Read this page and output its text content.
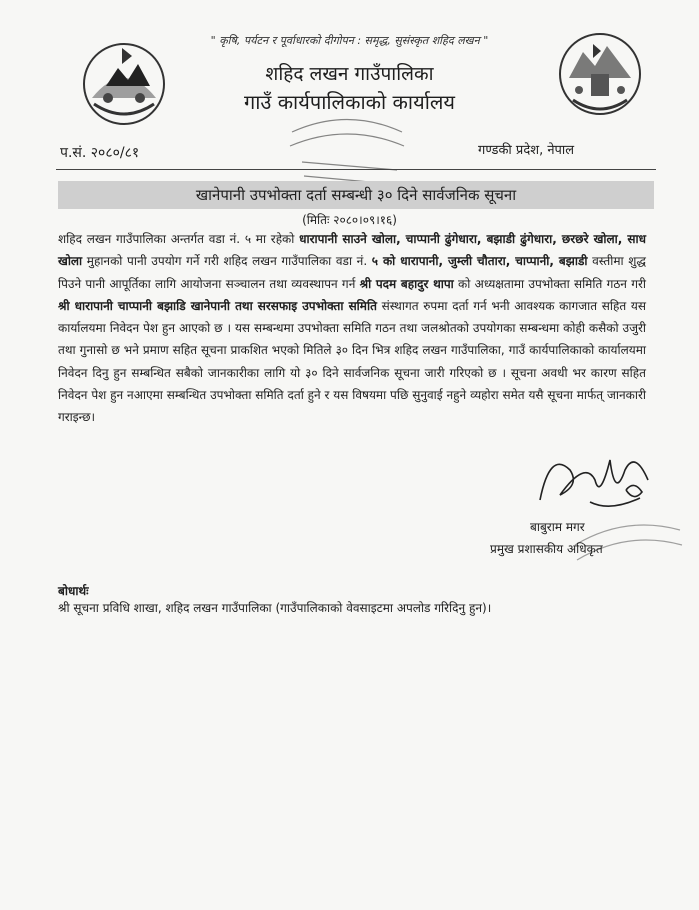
" कृषि, पर्यटन र पूर्वाधारको दीगोपन : समृद्ध, सुसंस्कृत शहिद लखन "
शहिद लखन गाउँपालिका
गाउँ कार्यपालिकाको कार्यालय
प.सं. २०८०/८१	गण्डकी प्रदेश, नेपाल
खानेपानी उपभोक्ता दर्ता सम्बन्धी ३० दिने सार्वजनिक सूचना
(मितिः २०८०।०९।१६)
शहिद लखन गाउँपालिका अन्तर्गत वडा नं. ५ मा रहेको धारापानी साउने खोला, चाप्पानी ढुंगेधारा, बझाडी ढुंगेधारा, छरछरे खोला, साध खोला मुहानको पानी उपयोग गर्ने गरी शहिद लखन गाउँपालिका वडा नं. ५ को धारापानी, जुम्ली चौतारा, चाप्पानी, बझाडी वस्तीमा शुद्ध पिउने पानी आपूर्तिका लागि आयोजना सञ्चालन तथा व्यवस्थापन गर्न श्री पदम बहादुर थापा को अध्यक्षतामा उपभोक्ता समिति गठन गरी श्री धारापानी चाप्पानी बझाडि खानेपानी तथा सरसफाइ उपभोक्ता समिति संस्थागत रुपमा दर्ता गर्न भनी आवश्यक कागजात सहित यस कार्यालयमा निवेदन पेश हुन आएको छ । यस सम्बन्धमा उपभोक्ता समिति गठन तथा जलश्रोतको उपयोगका सम्बन्धमा कोही कसैको उजुरी तथा गुनासो छ भने प्रमाण सहित सूचना प्राकशित भएको मितिले ३० दिन भित्र शहिद लखन गाउँपालिका, गाउँ कार्यपालिकाको कार्यालयमा निवेदन दिनु हुन सम्बन्धित सबैको जानकारीका लागि यो ३० दिने सार्वजनिक सूचना जारी गरिएको छ । सूचना अवधी भर कारण सहित निवेदन पेश हुन नआएमा सम्बन्धित उपभोक्ता समिति दर्ता हुने र यस विषयमा पछि सुनुवाई नहुने व्यहोरा समेत यसै सूचना मार्फत् जानकारी गराइन्छ।
बाबुराम मगर
प्रमुख प्रशासकीय अधिकृत
बोधार्थः
श्री सूचना प्रविधि शाखा, शहिद लखन गाउँपालिका (गाउँपालिकाको वेवसाइटमा अपलोड गरिदिनु हुन)।
